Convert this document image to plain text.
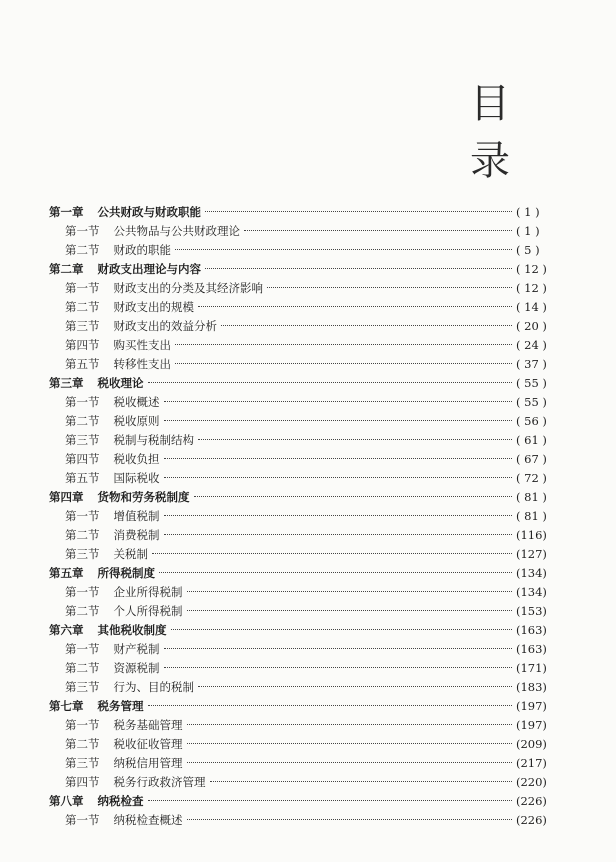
目　录
第一章 公共财政与财政职能	( 1 )
第一节 公共物品与公共财政理论	( 1 )
第二节 财政的职能	( 5 )
第二章 财政支出理论与内容	( 12 )
第一节 财政支出的分类及其经济影响	( 12 )
第二节 财政支出的规模	( 14 )
第三节 财政支出的效益分析	( 20 )
第四节 购买性支出	( 24 )
第五节 转移性支出	( 37 )
第三章 税收理论	( 55 )
第一节 税收概述	( 55 )
第二节 税收原则	( 56 )
第三节 税制与税制结构	( 61 )
第四节 税收负担	( 67 )
第五节 国际税收	( 72 )
第四章 货物和劳务税制度	( 81 )
第一节 增值税制	( 81 )
第二节 消费税制	(116)
第三节 关税制	(127)
第五章 所得税制度	(134)
第一节 企业所得税制	(134)
第二节 个人所得税制	(153)
第六章 其他税收制度	(163)
第一节 财产税制	(163)
第二节 资源税制	(171)
第三节 行为、目的税制	(183)
第七章 税务管理	(197)
第一节 税务基础管理	(197)
第二节 税收征收管理	(209)
第三节 纳税信用管理	(217)
第四节 税务行政救济管理	(220)
第八章 纳税检查	(226)
第一节 纳税检查概述	(226)
